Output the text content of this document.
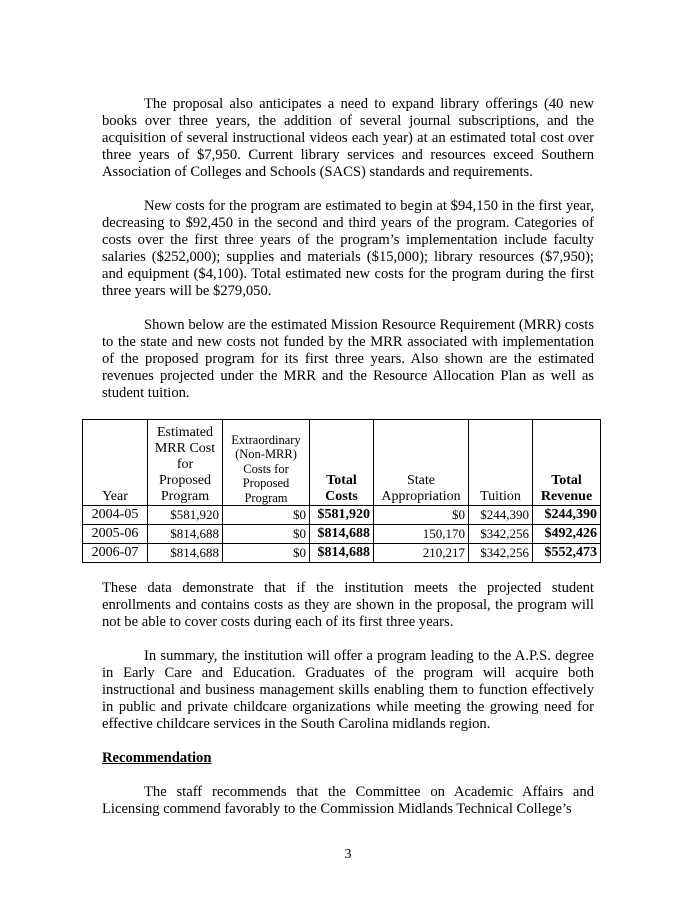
The proposal also anticipates a need to expand library offerings (40 new books over three years, the addition of several journal subscriptions, and the acquisition of several instructional videos each year) at an estimated total cost over three years of $7,950. Current library services and resources exceed Southern Association of Colleges and Schools (SACS) standards and requirements.

New costs for the program are estimated to begin at $94,150 in the first year, decreasing to $92,450 in the second and third years of the program. Categories of costs over the first three years of the program’s implementation include faculty salaries ($252,000); supplies and materials ($15,000); library resources ($7,950); and equipment ($4,100). Total estimated new costs for the program during the first three years will be $279,050.

Shown below are the estimated Mission Resource Requirement (MRR) costs to the state and new costs not funded by the MRR associated with implementation of the proposed program for its first three years. Also shown are the estimated revenues projected under the MRR and the Resource Allocation Plan as well as student tuition.

Year	Estimated MRR Cost for Proposed Program	Extraordinary (Non-MRR) Costs for Proposed Program	Total Costs	State Appropriation	Tuition	Total Revenue
2004-05	$581,920	$0	$581,920	$0	$244,390	$244,390
2005-06	$814,688	$0	$814,688	150,170	$342,256	$492,426
2006-07	$814,688	$0	$814,688	210,217	$342,256	$552,473

These data demonstrate that if the institution meets the projected student enrollments and contains costs as they are shown in the proposal, the program will not be able to cover costs during each of its first three years.

In summary, the institution will offer a program leading to the A.P.S. degree in Early Care and Education. Graduates of the program will acquire both instructional and business management skills enabling them to function effectively in public and private childcare organizations while meeting the growing need for effective childcare services in the South Carolina midlands region.

Recommendation

The staff recommends that the Committee on Academic Affairs and Licensing commend favorably to the Commission Midlands Technical College’s

3
